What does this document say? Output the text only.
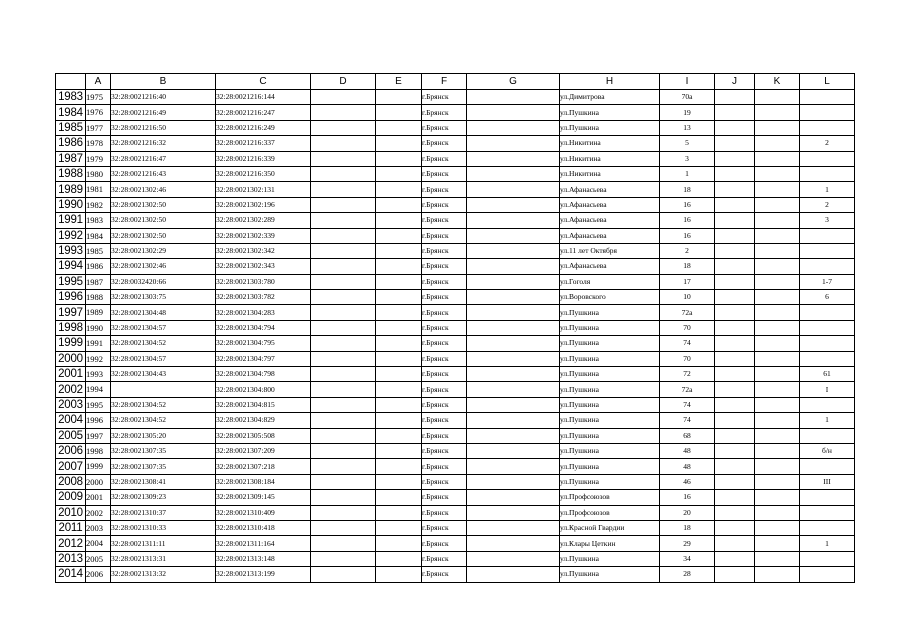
	A	B	C	D	E	F	G	H	I	J	K	L
1983	1975	32:28:0021216:40	32:28:0021216:144			г.Брянск		ул.Димитрова	70а			
1984	1976	32:28:0021216:49	32:28:0021216:247			г.Брянск		ул.Пушкина	19			
1985	1977	32:28:0021216:50	32:28:0021216:249			г.Брянск		ул.Пушкина	13			
1986	1978	32:28:0021216:32	32:28:0021216:337			г.Брянск		ул.Никитина	5			2
1987	1979	32:28:0021216:47	32:28:0021216:339			г.Брянск		ул.Никитина	3			
1988	1980	32:28:0021216:43	32:28:0021216:350			г.Брянск		ул.Никитина	1			
1989	1981	32:28:0021302:46	32:28:0021302:131			г.Брянск		ул.Афанасьева	18			1
1990	1982	32:28:0021302:50	32:28:0021302:196			г.Брянск		ул.Афанасьева	16			2
1991	1983	32:28:0021302:50	32:28:0021302:289			г.Брянск		ул.Афанасьева	16			3
1992	1984	32:28:0021302:50	32:28:0021302:339			г.Брянск		ул.Афанасьева	16			
1993	1985	32:28:0021302:29	32:28:0021302:342			г.Брянск		ул.11 лет Октября	2			
1994	1986	32:28:0021302:46	32:28:0021302:343			г.Брянск		ул.Афанасьева	18			
1995	1987	32:28:0032420:66	32:28:0021303:780			г.Брянск		ул.Гоголя	17			1-7
1996	1988	32:28:0021303:75	32:28:0021303:782			г.Брянск		ул.Воровского	10			6
1997	1989	32:28:0021304:48	32:28:0021304:283			г.Брянск		ул.Пушкина	72а			
1998	1990	32:28:0021304:57	32:28:0021304:794			г.Брянск		ул.Пушкина	70			
1999	1991	32:28:0021304:52	32:28:0021304:795			г.Брянск		ул.Пушкина	74			
2000	1992	32:28:0021304:57	32:28:0021304:797			г.Брянск		ул.Пушкина	70			
2001	1993	32:28:0021304:43	32:28:0021304:798			г.Брянск		ул.Пушкина	72			61
2002	1994		32:28:0021304:800			г.Брянск		ул.Пушкина	72а			I
2003	1995	32:28:0021304:52	32:28:0021304:815			г.Брянск		ул.Пушкина	74			
2004	1996	32:28:0021304:52	32:28:0021304:829			г.Брянск		ул.Пушкина	74			1
2005	1997	32:28:0021305:20	32:28:0021305:508			г.Брянск		ул.Пушкина	68			
2006	1998	32:28:0021307:35	32:28:0021307:209			г.Брянск		ул.Пушкина	48			б/н
2007	1999	32:28:0021307:35	32:28:0021307:218			г.Брянск		ул.Пушкина	48			
2008	2000	32:28:0021308:41	32:28:0021308:184			г.Брянск		ул.Пушкина	46			III
2009	2001	32:28:0021309:23	32:28:0021309:145			г.Брянск		ул.Профсоюзов	16			
2010	2002	32:28:0021310:37	32:28:0021310:409			г.Брянск		ул.Профсоюзов	20			
2011	2003	32:28:0021310:33	32:28:0021310:418			г.Брянск		ул.Красной Гвардии	18			
2012	2004	32:28:0021311:11	32:28:0021311:164			г.Брянск		ул.Клары Цеткин	29			1
2013	2005	32:28:0021313:31	32:28:0021313:148			г.Брянск		ул.Пушкина	34			
2014	2006	32:28:0021313:32	32:28:0021313:199			г.Брянск		ул.Пушкина	28			
